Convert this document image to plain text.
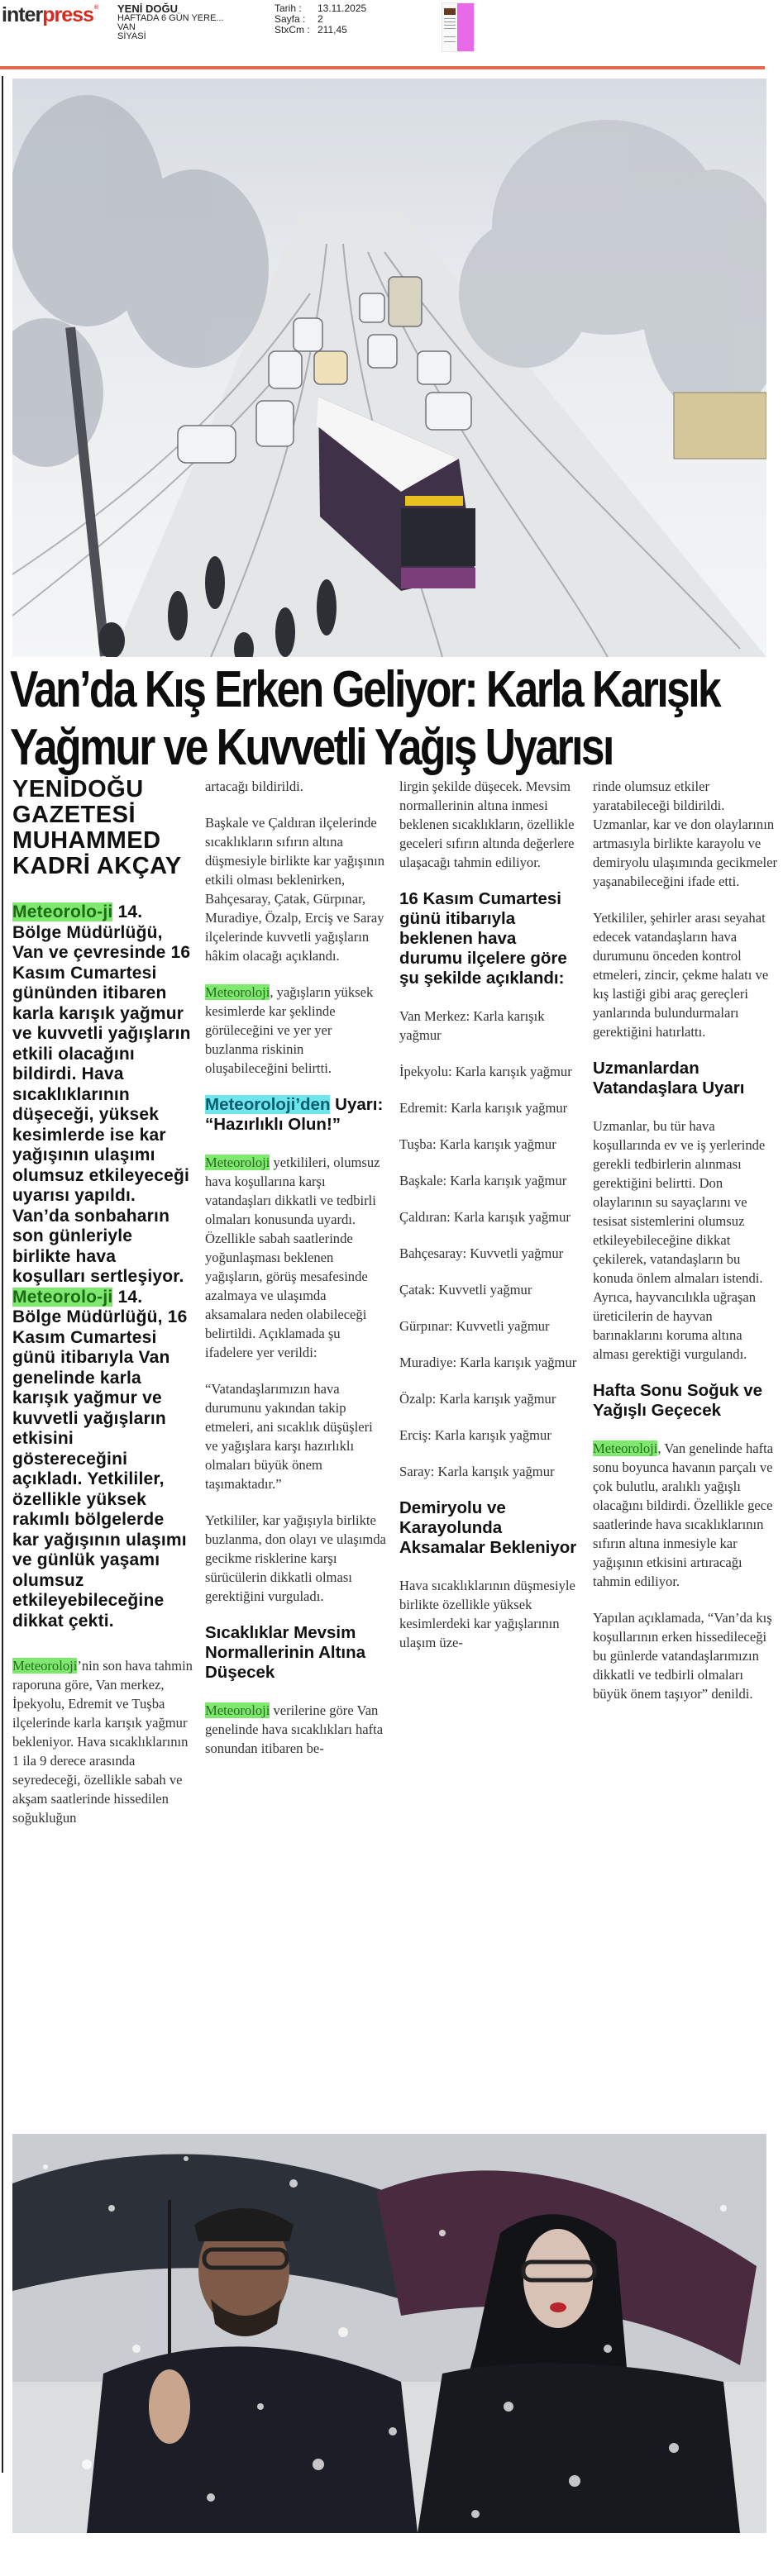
interpress® YENİ DOĞU
HAFTADA 6 GÜN YERE...
VAN
SİYASİ
Tarih :	13.11.2025
Sayfa :	2
StxCm : 211,45
Van’da Kış Erken Geliyor: Karla Karışık
Yağmur ve Kuvvetli Yağış Uyarısı
YENİDOĞU GAZETESİ MUHAMMED KADRİ AKÇAY

Meteorolo-ji 14. Bölge Müdürlüğü, Van ve çevresinde 16 Kasım Cumartesi gününden itibaren karla karışık yağmur ve kuvvetli yağışların etkili olacağını bildirdi. Hava sıcaklıklarının düşeceği, yüksek kesimlerde ise kar yağışının ulaşımı olumsuz etkileyeceği uyarısı yapıldı. Van’da sonbaharın son günleriyle birlikte hava koşulları sertleşiyor.

Meteorolo-ji 14. Bölge Müdürlüğü, 16 Kasım Cumartesi günü itibarıyla Van genelinde karla karışık yağmur ve kuvvetli yağışların etkisini göstereceğini açıkladı. Yetkililer, özellikle yüksek rakımlı bölgelerde kar yağışının ulaşımı ve günlük yaşamı olumsuz etkileyebileceğine dikkat çekti.

Meteoroloji’nin son hava tahmin raporuna göre, Van merkez, İpekyolu, Edremit ve Tuşba ilçelerinde karla karışık yağmur bekleniyor. Hava sıcaklıklarının 1 ila 9 derece arasında seyredeceği, özellikle sabah ve akşam saatlerinde hissedilen soğukluğun

artacağı bildirildi.

Başkale ve Çaldıran ilçelerinde sıcaklıkların sıfırın altına düşmesiyle birlikte kar yağışının etkili olması beklenirken, Bahçesaray, Çatak, Gürpınar, Muradiye, Özalp, Erciş ve Saray ilçelerinde kuvvetli yağışların hâkim olacağı açıklandı.

Meteoroloji, yağışların yüksek kesimlerde kar şeklinde görüleceğini ve yer yer buzlanma riskinin oluşabileceğini belirtti.

Meteoroloji’den Uyarı: “Hazırlıklı Olun!”

Meteoroloji yetkilileri, olumsuz hava koşullarına karşı vatandaşları dikkatli ve tedbirli olmaları konusunda uyardı. Özellikle sabah saatlerinde yoğunlaşması beklenen yağışların, görüş mesafesinde azalmaya ve ulaşımda aksamalara neden olabileceği belirtildi. Açıklamada şu ifadelere yer verildi:

“Vatandaşlarımızın hava durumunu yakından takip etmeleri, ani sıcaklık düşüşleri ve yağışlara karşı hazırlıklı olmaları büyük önem taşımaktadır.”

Yetkililer, kar yağışıyla birlikte buzlanma, don olayı ve ulaşımda gecikme risklerine karşı sürücülerin dikkatli olması gerektiğini vurguladı.

Sıcaklıklar Mevsim Normallerinin Altına Düşecek

Meteoroloji verilerine göre Van genelinde hava sıcaklıkları hafta sonundan itibaren be-

lirgin şekilde düşecek. Mevsim normallerinin altına inmesi beklenen sıcaklıkların, özellikle geceleri sıfırın altında değerlere ulaşacağı tahmin ediliyor.

16 Kasım Cumartesi günü itibarıyla beklenen hava durumu ilçelere göre şu şekilde açıklandı:

Van Merkez: Karla karışık yağmur

İpekyolu: Karla karışık yağmur

Edremit: Karla karışık yağmur

Tuşba: Karla karışık yağmur

Başkale: Karla karışık yağmur

Çaldıran: Karla karışık yağmur

Bahçesaray: Kuvvetli yağmur

Çatak: Kuvvetli yağmur

Gürpınar: Kuvvetli yağmur

Muradiye: Karla karışık yağmur

Özalp: Karla karışık yağmur

Erciş: Karla karışık yağmur

Saray: Karla karışık yağmur

Demiryolu ve Karayolunda Aksamalar Bekleniyor

Hava sıcaklıklarının düşmesiyle birlikte özellikle yüksek kesimlerdeki kar yağışlarının ulaşım üze-

rinde olumsuz etkiler yaratabileceği bildirildi. Uzmanlar, kar ve don olaylarının artmasıyla birlikte karayolu ve demiryolu ulaşımında gecikmeler yaşanabileceğini ifade etti.

Yetkililer, şehirler arası seyahat edecek vatandaşların hava durumunu önceden kontrol etmeleri, zincir, çekme halatı ve kış lastiği gibi araç gereçleri yanlarında bulundurmaları gerektiğini hatırlattı.

Uzmanlardan Vatandaşlara Uyarı

Uzmanlar, bu tür hava koşullarında ev ve iş yerlerinde gerekli tedbirlerin alınması gerektiğini belirtti. Don olaylarının su sayaçlarını ve tesisat sistemlerini olumsuz etkileyebileceğine dikkat çekilerek, vatandaşların bu konuda önlem almaları istendi. Ayrıca, hayvancılıkla uğraşan üreticilerin de hayvan barınaklarını koruma altına alması gerektiği vurgulandı.

Hafta Sonu Soğuk ve Yağışlı Geçecek

Meteoroloji, Van genelinde hafta sonu boyunca havanın parçalı ve çok bulutlu, aralıklı yağışlı olacağını bildirdi. Özellikle gece saatlerinde hava sıcaklıklarının sıfırın altına inmesiyle kar yağışının etkisini artıracağı tahmin ediliyor.

Yapılan açıklamada, “Van’da kış koşullarının erken hissedileceği bu günlerde vatandaşlarımızın dikkatli ve tedbirli olmaları büyük önem taşıyor” denildi.
